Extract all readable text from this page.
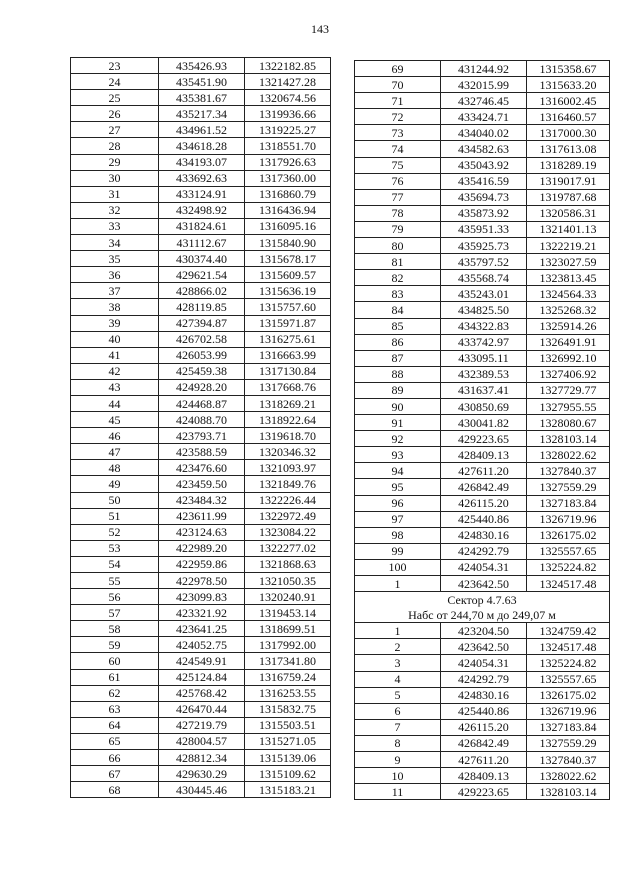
143
23	435426.93	1322182.85
24	435451.90	1321427.28
25	435381.67	1320674.56
26	435217.34	1319936.66
27	434961.52	1319225.27
28	434618.28	1318551.70
29	434193.07	1317926.63
30	433692.63	1317360.00
31	433124.91	1316860.79
32	432498.92	1316436.94
33	431824.61	1316095.16
34	431112.67	1315840.90
35	430374.40	1315678.17
36	429621.54	1315609.57
37	428866.02	1315636.19
38	428119.85	1315757.60
39	427394.87	1315971.87
40	426702.58	1316275.61
41	426053.99	1316663.99
42	425459.38	1317130.84
43	424928.20	1317668.76
44	424468.87	1318269.21
45	424088.70	1318922.64
46	423793.71	1319618.70
47	423588.59	1320346.32
48	423476.60	1321093.97
49	423459.50	1321849.76
50	423484.32	1322226.44
51	423611.99	1322972.49
52	423124.63	1323084.22
53	422989.20	1322277.02
54	422959.86	1321868.63
55	422978.50	1321050.35
56	423099.83	1320240.91
57	423321.92	1319453.14
58	423641.25	1318699.51
59	424052.75	1317992.00
60	424549.91	1317341.80
61	425124.84	1316759.24
62	425768.42	1316253.55
63	426470.44	1315832.75
64	427219.79	1315503.51
65	428004.57	1315271.05
66	428812.34	1315139.06
67	429630.29	1315109.62
68	430445.46	1315183.21
69	431244.92	1315358.67
70	432015.99	1315633.20
71	432746.45	1316002.45
72	433424.71	1316460.57
73	434040.02	1317000.30
74	434582.63	1317613.08
75	435043.92	1318289.19
76	435416.59	1319017.91
77	435694.73	1319787.68
78	435873.92	1320586.31
79	435951.33	1321401.13
80	435925.73	1322219.21
81	435797.52	1323027.59
82	435568.74	1323813.45
83	435243.01	1324564.33
84	434825.50	1325268.32
85	434322.83	1325914.26
86	433742.97	1326491.91
87	433095.11	1326992.10
88	432389.53	1327406.92
89	431637.41	1327729.77
90	430850.69	1327955.55
91	430041.82	1328080.67
92	429223.65	1328103.14
93	428409.13	1328022.62
94	427611.20	1327840.37
95	426842.49	1327559.29
96	426115.20	1327183.84
97	425440.86	1326719.96
98	424830.16	1326175.02
99	424292.79	1325557.65
100	424054.31	1325224.82
1	423642.50	1324517.48
Сектор 4.7.63		
Набс от 244,70 м до 249,07 м		
1	423204.50	1324759.42
2	423642.50	1324517.48
3	424054.31	1325224.82
4	424292.79	1325557.65
5	424830.16	1326175.02
6	425440.86	1326719.96
7	426115.20	1327183.84
8	426842.49	1327559.29
9	427611.20	1327840.37
10	428409.13	1328022.62
11	429223.65	1328103.14
